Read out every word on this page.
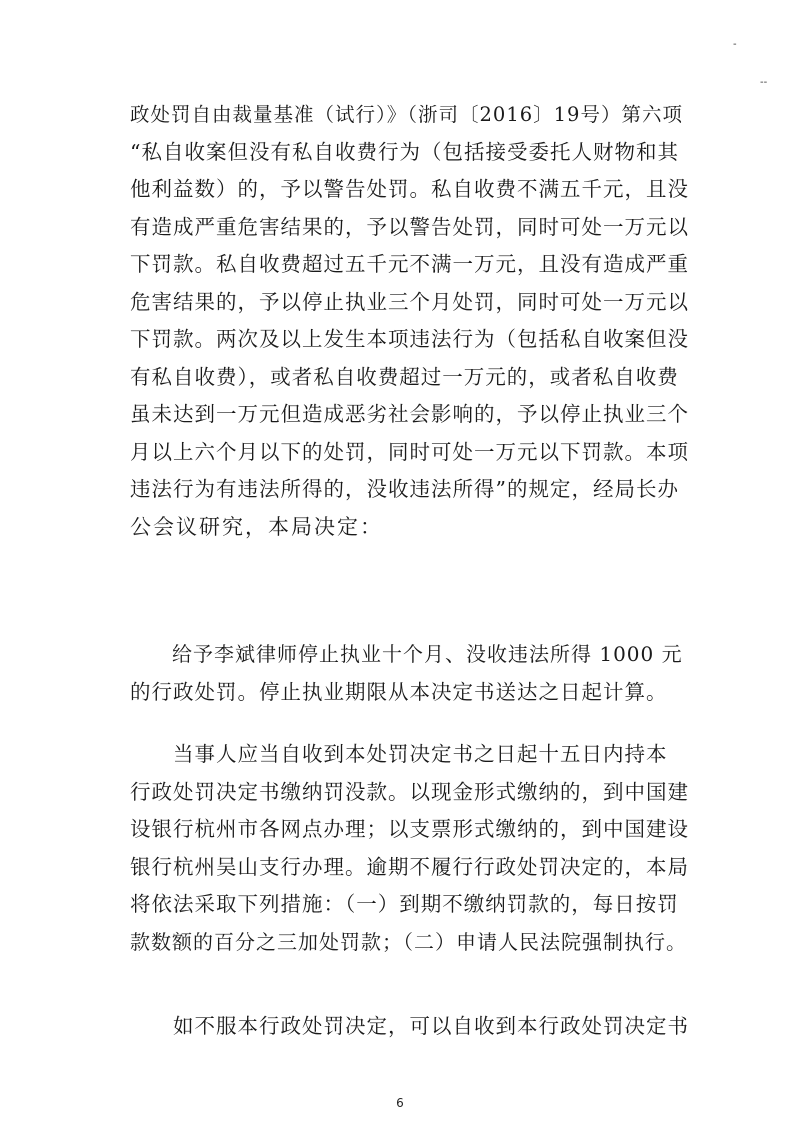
-
--
政处罚自由裁量基准（试行）》（浙司〔2016〕19号）第六项
“私自收案但没有私自收费行为（包括接受委托人财物和其
他利益数）的，予以警告处罚。私自收费不满五千元，且没
有造成严重危害结果的，予以警告处罚，同时可处一万元以
下罚款。私自收费超过五千元不满一万元，且没有造成严重
危害结果的，予以停止执业三个月处罚，同时可处一万元以
下罚款。两次及以上发生本项违法行为（包括私自收案但没
有私自收费），或者私自收费超过一万元的，或者私自收费
虽未达到一万元但造成恶劣社会影响的，予以停止执业三个
月以上六个月以下的处罚，同时可处一万元以下罚款。本项
违法行为有违法所得的，没收违法所得”的规定，经局长办
公会议研究，本局决定：
　　给予李斌律师停止执业十个月、没收违法所得 1000 元
的行政处罚。停止执业期限从本决定书送达之日起计算。
　　当事人应当自收到本处罚决定书之日起十五日内持本
行政处罚决定书缴纳罚没款。以现金形式缴纳的，到中国建
设银行杭州市各网点办理；以支票形式缴纳的，到中国建设
银行杭州吴山支行办理。逾期不履行行政处罚决定的，本局
将依法采取下列措施：（一）到期不缴纳罚款的，每日按罚
款数额的百分之三加处罚款；（二）申请人民法院强制执行。
　　如不服本行政处罚决定，可以自收到本行政处罚决定书
6
